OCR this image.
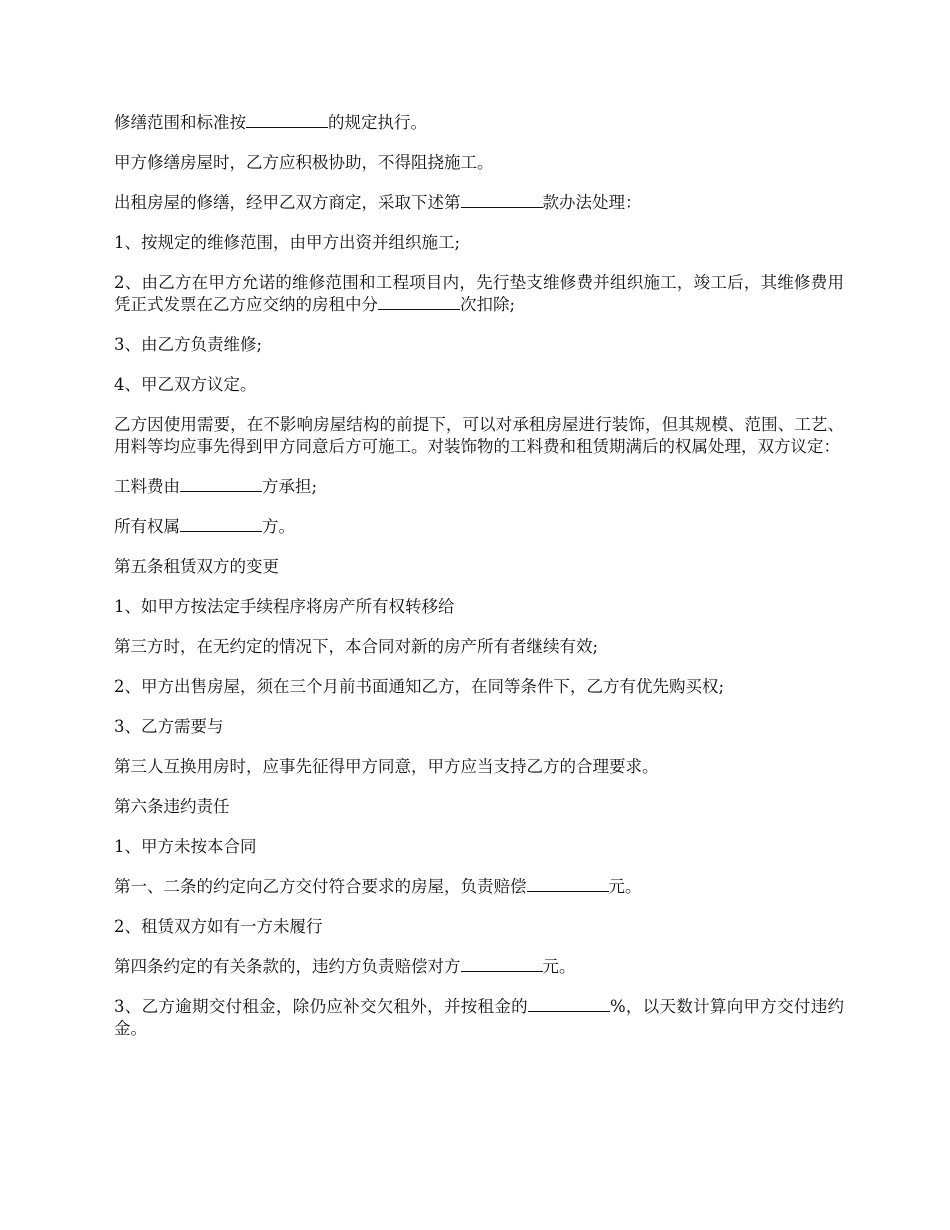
修缮范围和标准按	的规定执行。

甲方修缮房屋时，乙方应积极协助，不得阻挠施工。

出租房屋的修缮，经甲乙双方商定，采取下述第	款办法处理：

1、按规定的维修范围，由甲方出资并组织施工;

2、由乙方在甲方允诺的维修范围和工程项目内，先行垫支维修费并组织施工，竣工后，其维修费用凭正式发票在乙方应交纳的房租中分	次扣除;

3、由乙方负责维修;

4、甲乙双方议定。

乙方因使用需要，在不影响房屋结构的前提下，可以对承租房屋进行装饰，但其规模、范围、工艺、用料等均应事先得到甲方同意后方可施工。对装饰物的工料费和租赁期满后的权属处理，双方议定：

工料费由	方承担;

所有权属	方。

第五条租赁双方的变更

1、如甲方按法定手续程序将房产所有权转移给

第三方时，在无约定的情况下，本合同对新的房产所有者继续有效;

2、甲方出售房屋，须在三个月前书面通知乙方，在同等条件下，乙方有优先购买权;

3、乙方需要与

第三人互换用房时，应事先征得甲方同意，甲方应当支持乙方的合理要求。

第六条违约责任

1、甲方未按本合同

第一、二条的约定向乙方交付符合要求的房屋，负责赔偿	元。

2、租赁双方如有一方未履行

第四条约定的有关条款的，违约方负责赔偿对方	元。

3、乙方逾期交付租金，除仍应补交欠租外，并按租金的	%，以天数计算向甲方交付违约金。
